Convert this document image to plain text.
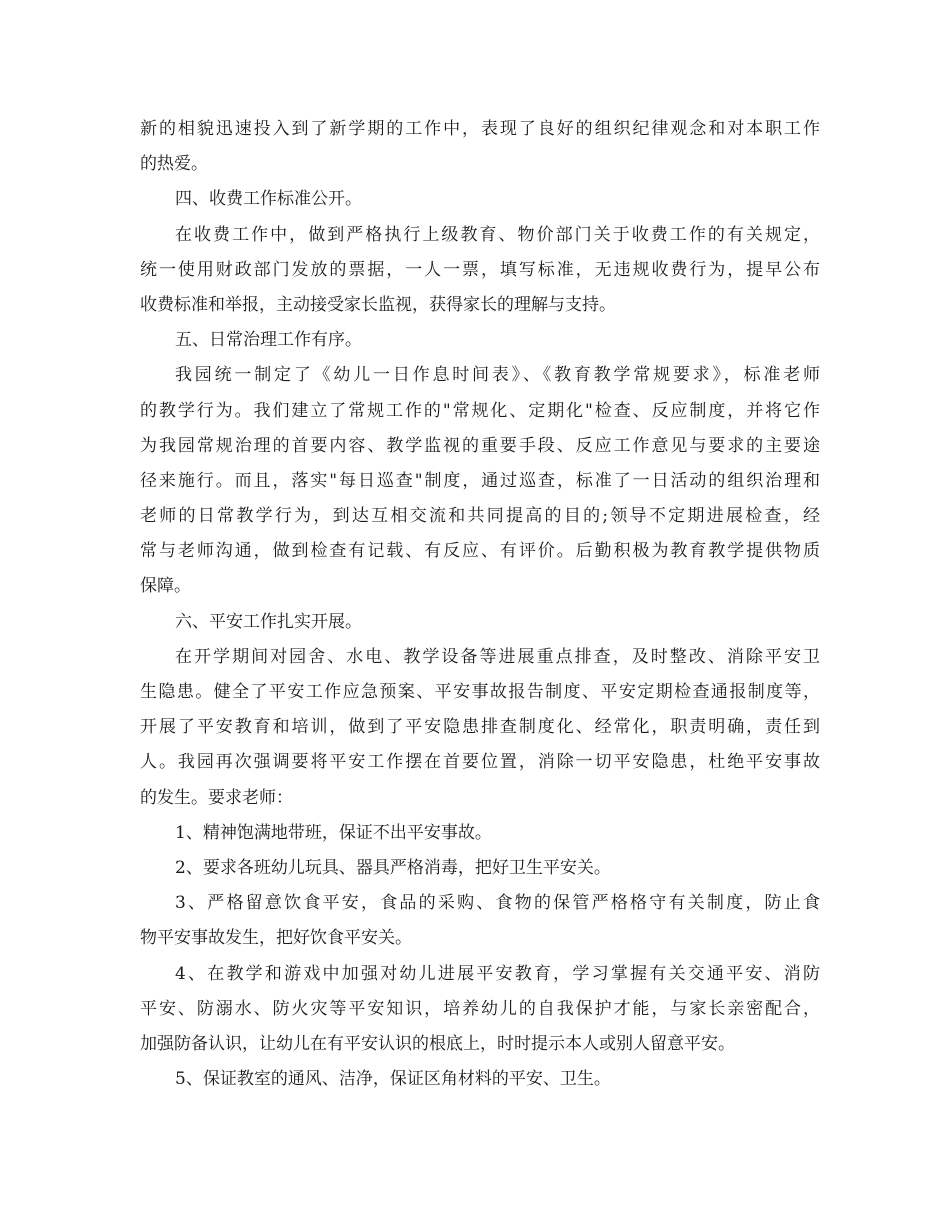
新的相貌迅速投入到了新学期的工作中，表现了良好的组织纪律观念和对本职工作
的热爱。
四、收费工作标准公开。
在收费工作中，做到严格执行上级教育、物价部门关于收费工作的有关规定，
统一使用财政部门发放的票据，一人一票，填写标准，无违规收费行为，提早公布
收费标准和举报，主动接受家长监视，获得家长的理解与支持。
五、日常治理工作有序。
我园统一制定了《幼儿一日作息时间表》、《教育教学常规要求》，标准老师
的教学行为。我们建立了常规工作的"常规化、定期化"检查、反应制度，并将它作
为我园常规治理的首要内容、教学监视的重要手段、反应工作意见与要求的主要途
径来施行。而且，落实"每日巡查"制度，通过巡查，标准了一日活动的组织治理和
老师的日常教学行为，到达互相交流和共同提高的目的;领导不定期进展检查，经
常与老师沟通，做到检查有记载、有反应、有评价。后勤积极为教育教学提供物质
保障。
六、平安工作扎实开展。
在开学期间对园舍、水电、教学设备等进展重点排查，及时整改、消除平安卫
生隐患。健全了平安工作应急预案、平安事故报告制度、平安定期检查通报制度等，
开展了平安教育和培训，做到了平安隐患排查制度化、经常化，职责明确，责任到
人。我园再次强调要将平安工作摆在首要位置，消除一切平安隐患，杜绝平安事故
的发生。要求老师：
1、精神饱满地带班，保证不出平安事故。
2、要求各班幼儿玩具、器具严格消毒，把好卫生平安关。
3、严格留意饮食平安，食品的采购、食物的保管严格格守有关制度，防止食
物平安事故发生，把好饮食平安关。
4、在教学和游戏中加强对幼儿进展平安教育，学习掌握有关交通平安、消防
平安、防溺水、防火灾等平安知识，培养幼儿的自我保护才能，与家长亲密配合，
加强防备认识，让幼儿在有平安认识的根底上，时时提示本人或别人留意平安。
5、保证教室的通风、洁净，保证区角材料的平安、卫生。
